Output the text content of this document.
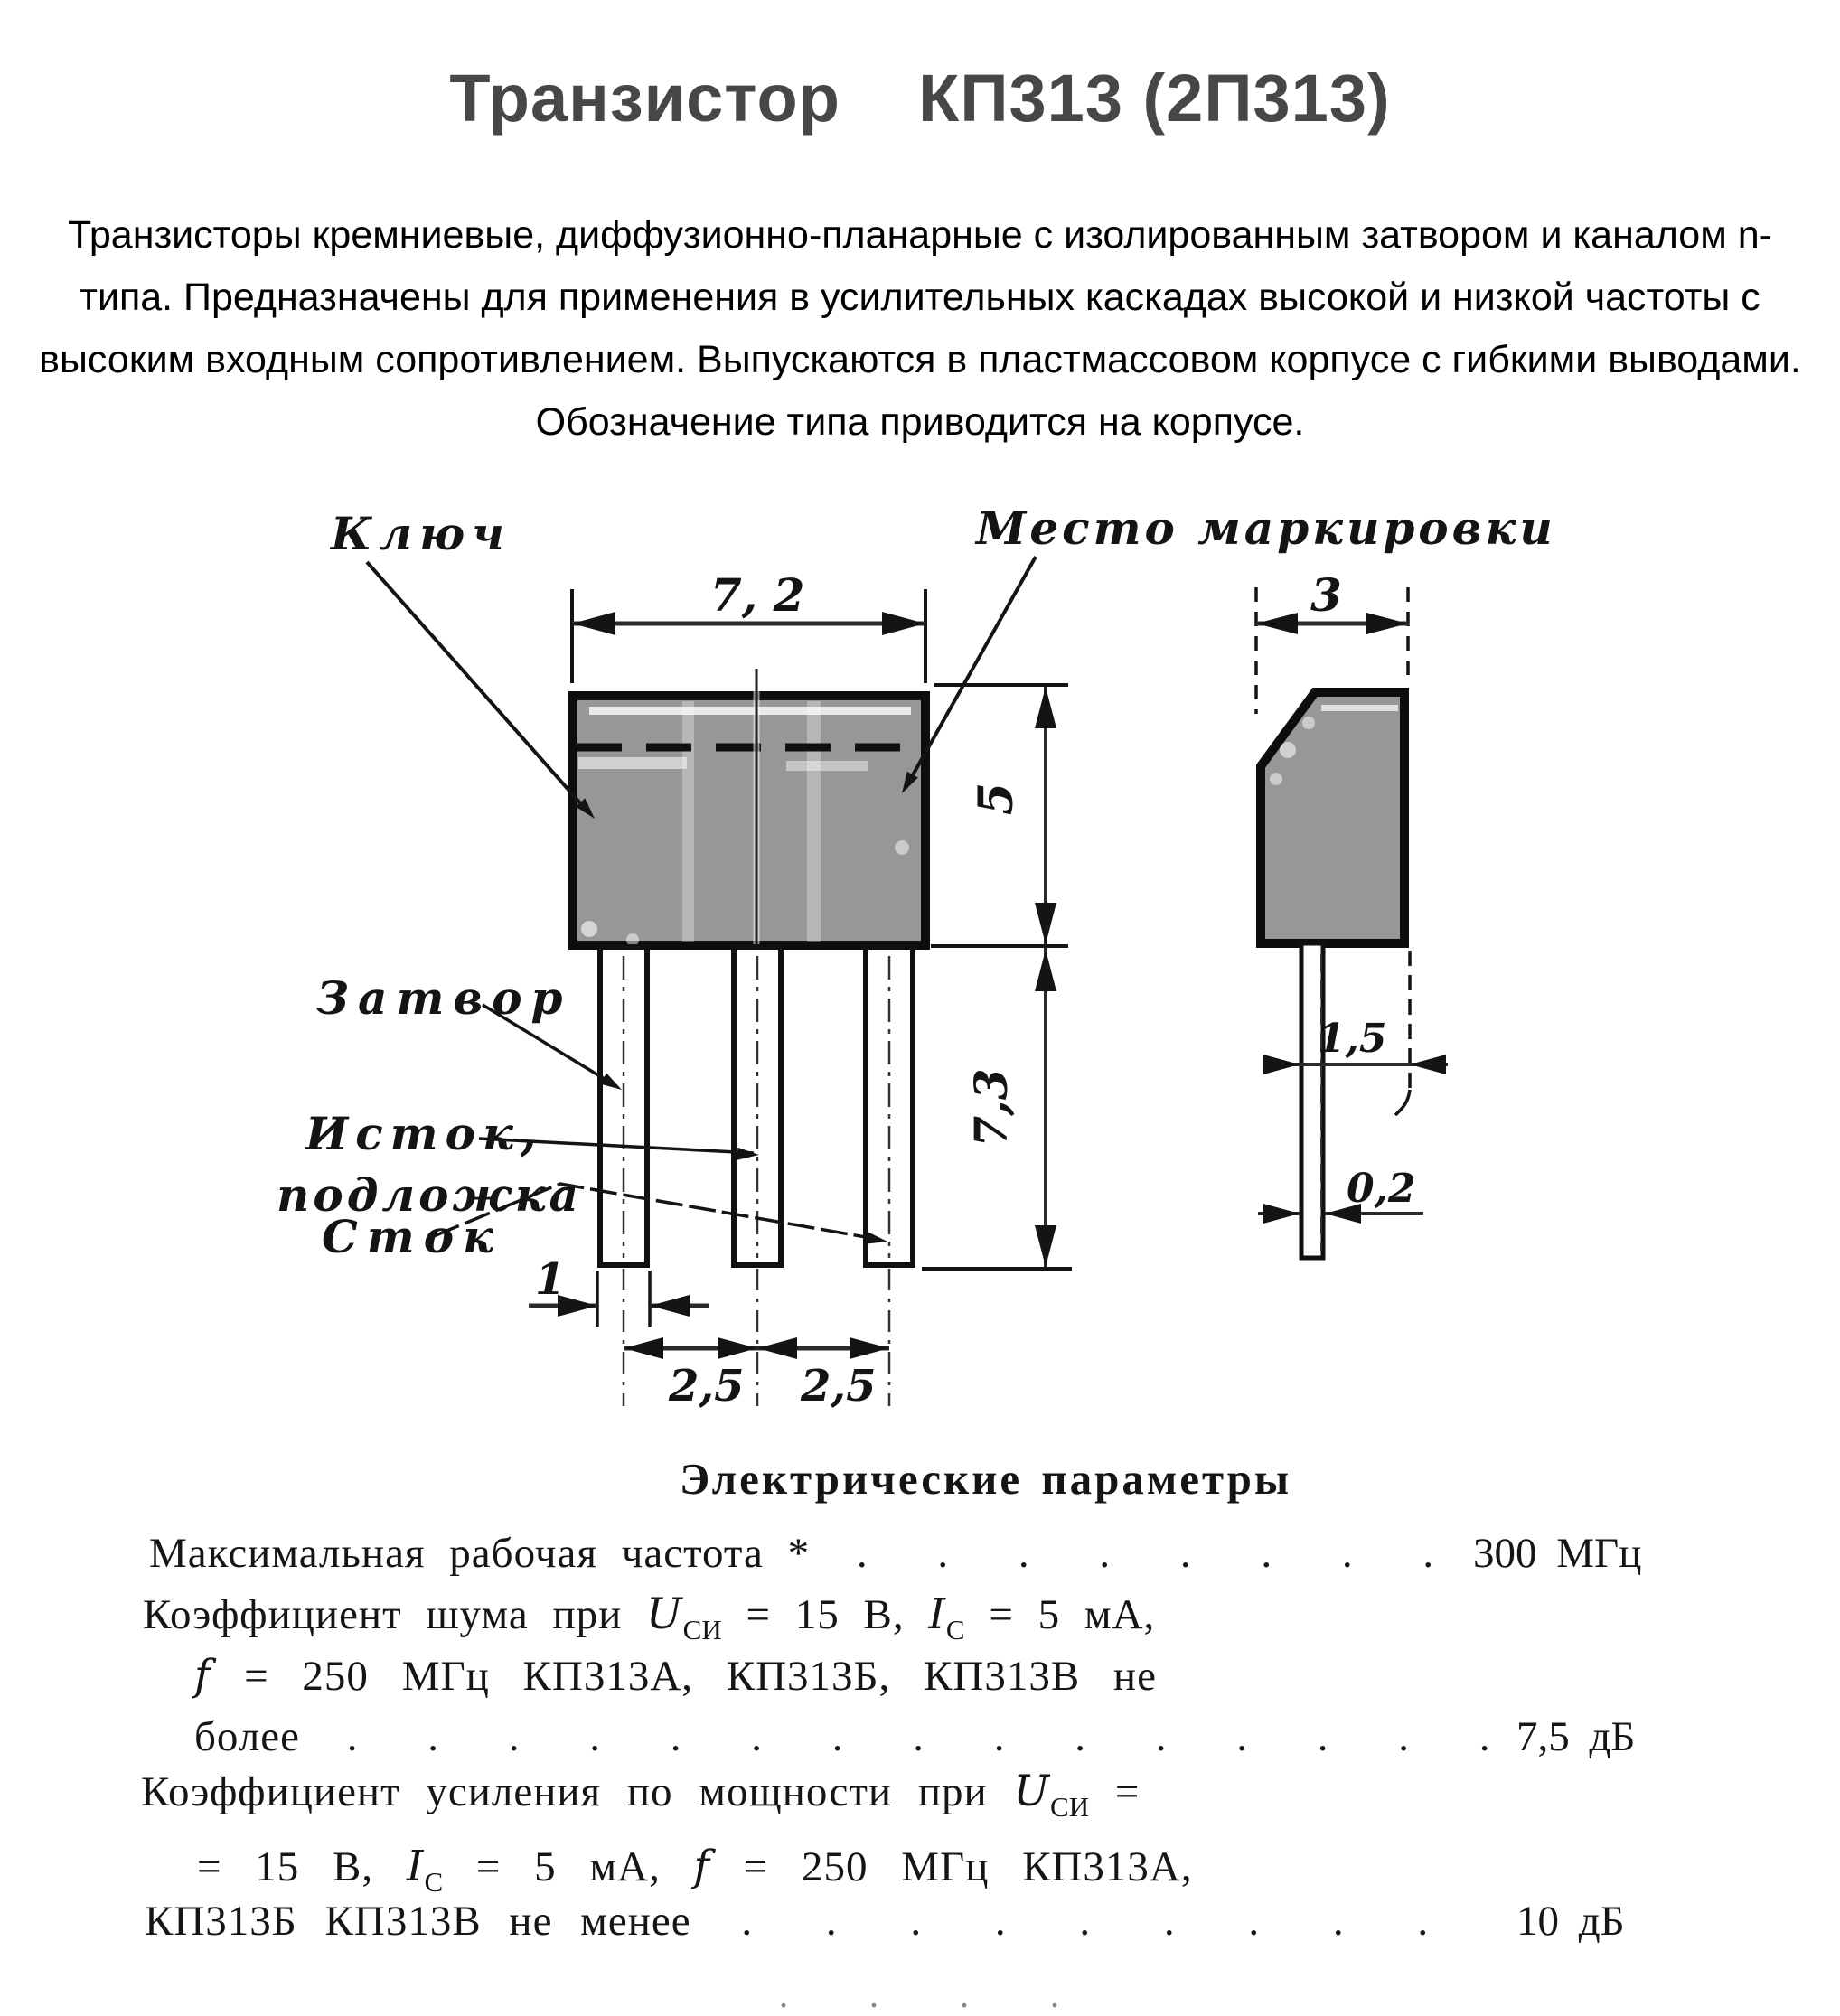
Транзистор    КП313 (2П313)
Транзисторы кремниевые, диффузионно-планарные с изолированным затвором и каналом n-
типа. Предназначены для применения в усилительных каскадах высокой и низкой частоты с
высоким входным сопротивлением. Выпускаются в пластмассовом корпусе с гибкими выводами.
Обозначение типа приводится на корпусе.
7, 2
5
7,3
1
2,5 2,5
3
1,5
0,2
Ключ	Место маркировки
Затвор
Исток,
подложка
Сток
Электрические параметры
Максимальная рабочая частота * . . . . . . . . 300 МГц
Коэффициент шума при $U_{СИ} = 15$ В, $I_С = 5$ мА,
f = 250 МГц КП313А, КП313Б, КП313В не
более . . . . . . . . . . . . . . . 7,5 дБ
Коэффициент усиления по мощности при $U_{СИ}$ =
= 15 В, $I_С = 5$ мА, f = 250 МГц КП313А,
КП313Б КП313В не менее . . . . . . . . . 10 дБ
. . . .
